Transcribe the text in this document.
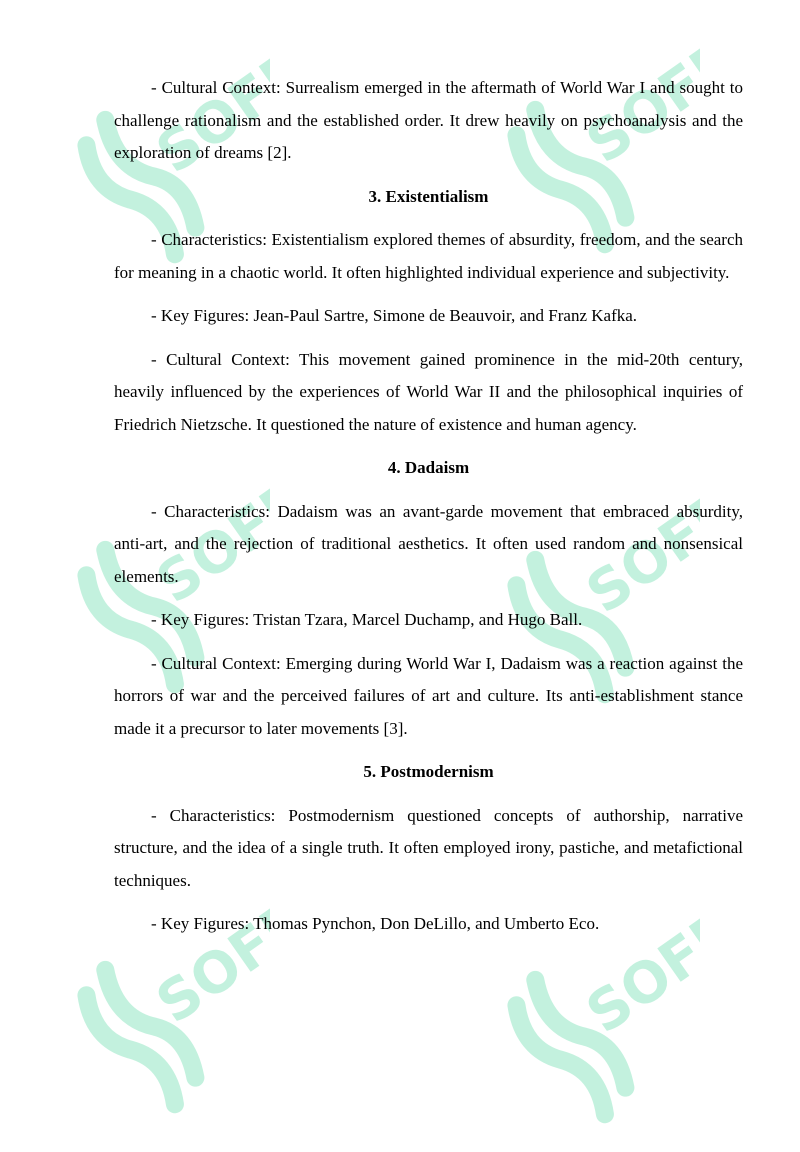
SOFF	SOFF
SOFF	SOFF
SOFF	SOFF

- Cultural Context: Surrealism emerged in the aftermath of World War I and sought to challenge rationalism and the established order. It drew heavily on psychoanalysis and the exploration of dreams [2].

3. Existentialism

- Characteristics: Existentialism explored themes of absurdity, freedom, and the search for meaning in a chaotic world. It often highlighted individual experience and subjectivity.

- Key Figures: Jean-Paul Sartre, Simone de Beauvoir, and Franz Kafka.

- Cultural Context: This movement gained prominence in the mid-20th century, heavily influenced by the experiences of World War II and the philosophical inquiries of Friedrich Nietzsche. It questioned the nature of existence and human agency.

4. Dadaism

- Characteristics: Dadaism was an avant-garde movement that embraced absurdity, anti-art, and the rejection of traditional aesthetics. It often used random and nonsensical elements.

- Key Figures: Tristan Tzara, Marcel Duchamp, and Hugo Ball.

- Cultural Context: Emerging during World War I, Dadaism was a reaction against the horrors of war and the perceived failures of art and culture. Its anti-establishment stance made it a precursor to later movements [3].

5. Postmodernism

- Characteristics: Postmodernism questioned concepts of authorship, narrative structure, and the idea of a single truth. It often employed irony, pastiche, and metafictional techniques.

- Key Figures: Thomas Pynchon, Don DeLillo, and Umberto Eco.
